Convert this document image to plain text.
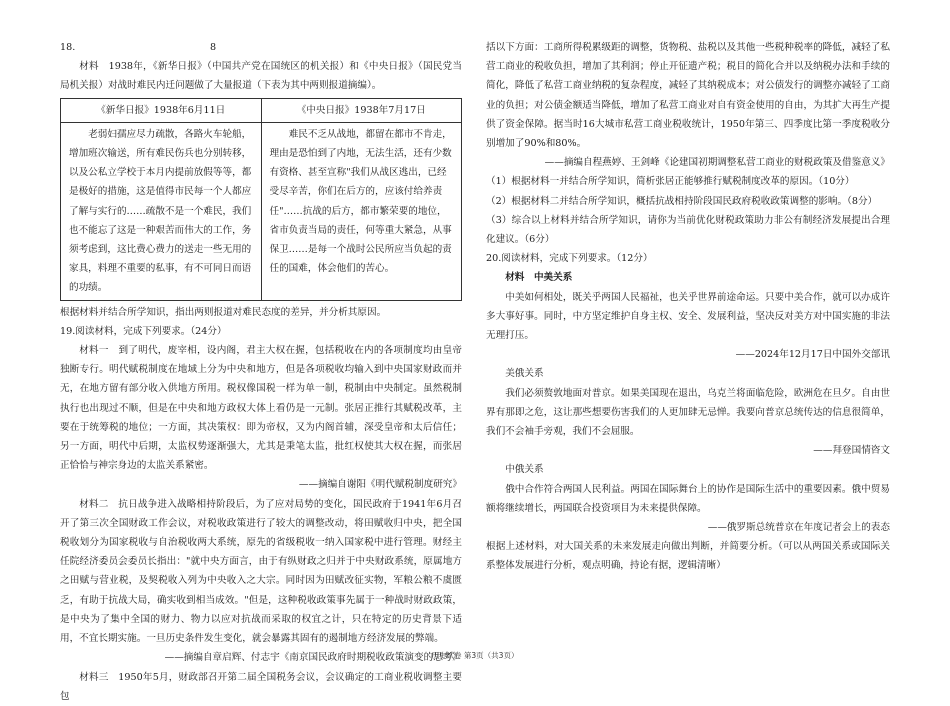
18.	8

材料　1938年，《新华日报》（中国共产党在国统区的机关报）和《中央日报》（国民党当局机关报）对战时难民内迁问题做了大量报道（下表为其中两则报道摘编）。

《新华日报》1938年6月11日	《中央日报》1938年7月17日
老弱妇孺应尽力疏散，各路火车轮船，增加班次输送，所有难民伤兵也分别转移，以及公私立学校于本月内提前放假等等，都是极好的措施，这是值得市民每一个人都应了解与实行的……疏散不是一个难民，我们也不能忘了这是一种艰苦而伟大的工作，务须考虑到，这比费心费力的送走一些无用的家具，料理不重要的私事，有不可同日而语的功绩。	难民不乏从战地，都留在都市不肯走，理由是恐怕到了内地，无法生活，还有少数有资格、甚至宣称"我们从战区逃出，已经受尽辛苦，你们在后方的，应该付给养责任"……抗战的后方，都市繁荣要的地位，省市负责当局的责任，何等重大紧急，从事保卫……是每一个战时公民所应当负起的责任的国难，体会他们的苦心。

根据材料并结合所学知识，指出两则报道对难民态度的差异，并分析其原因。

19.阅读材料，完成下列要求。（24分）

材料一　到了明代，废宰相，设内阁，君主大权在握，包括税收在内的各项制度均由皇帝独断专行。明代赋税制度在地域上分为中央和地方，但是各项税收均输入到中央国家财政而并无，在地方留有部分收入供地方所用。税权像国税一样为单一制，税制由中央制定。虽然税制执行也出现过不顺，但是在中央和地方政权大体上看仍是一元制。张居正推行其赋税改革，主要在于统筹税的地位；一方面，其决策权：即为帝权，又为内阁首辅，深受皇帝和太后信任；另一方面，明代中后期，太监权势逐渐强大，尤其是秉笔太监，批红权使其大权在握，而张居正恰恰与神宗身边的太监关系紧密。

——摘编自谢阳《明代赋税制度研究》

材料二　抗日战争进入战略相持阶段后，为了应对局势的变化，国民政府于1941年6月召开了第三次全国财政工作会议，对税收政策进行了较大的调整改动，将田赋收归中央，把全国税收划分为国家税收与自治税收两大系统，原先的省级税收一纳入国家税中进行管理。财经主任院经济委员会委员长指出："就中央方面言，由于有纵财政之归并于中央财政系统，原属地方之田赋与营业税，及契税收入列为中央收入之大宗。同时因为田赋改征实物，军粮公粮不虞匮乏，有助于抗战大局，确实收到相当成效。"但是，这种税收政策事先属于一种战时财政政策，是中央为了集中全国的财力、物力以应对抗战而采取的权宜之计，只在特定的历史背景下适用，不宜长期实施。一旦历史条件发生变化，就会暴露其固有的遏制地方经济发展的弊端。

——摘编自章启辉、付志宇《南京国民政府时期税收政策演变的思考》

材料三　1950年5月，财政部召开第二届全国税务会议，会议确定的工商业税收调整主要包

括以下方面：工商所得税累级距的调整，货物税、盐税以及其他一些税种税率的降低，减轻了私营工商业的税收负担，增加了其利润；停止开征遗产税；税目的简化合并以及纳税办法和手续的简化，降低了私营工商业纳税的复杂程度，减轻了其纳税成本；对公债发行的调整亦减轻了工商业的负担；对公债金额适当降低，增加了私营工商业对自有资金使用的自由，为其扩大再生产提供了资金保障。据当时16大城市私营工商业税收统计，1950年第三、四季度比第一季度税收分别增加了90%和80%。

——摘编自程燕婷、王剑峰《论建国初期调整私营工商业的财税政策及借鉴意义》

（1）根据材料一并结合所学知识，简析张居正能够推行赋税制度改革的原因。（10分）

（2）根据材料二并结合所学知识，概括抗战相持阶段国民政府税收政策调整的影响。（8分）

（3）综合以上材料并结合所学知识，请你为当前优化财税政策助力非公有制经济发展提出合理化建议。（6分）

20.阅读材料，完成下列要求。（12分）

材料　中美关系

中美如何相处，既关乎两国人民福祉，也关乎世界前途命运。只要中美合作，就可以办成许多大事好事。同时，中方坚定维护自身主权、安全、发展利益，坚决反对美方对中国实施的非法无理打压。

——2024年12月17日中国外交部讯

美俄关系

我们必须赘敦地面对普京。如果美国现在退出，乌克兰将面临危险，欧洲危在旦夕。自由世界有那即之危，这让那些想要伤害我们的人更加肆无忌惮。我要向普京总统传达的信息很简单，我们不会袖手旁观，我们不会屈服。

——拜登国情咨文

中俄关系

俄中合作符合两国人民利益。两国在国际舞台上的协作是国际生活中的重要因素。俄中贸易额将继续增长，两国联合投资项目为未来提供保障。

——俄罗斯总统普京在年度记者会上的表态

根据上述材料，对大国关系的未来发展走向做出判断，并简要分析。（可以从两国关系或国际关系整体发展进行分析，观点明确，持论有据，逻辑清晰）

历史试卷 第3页（共3页）
